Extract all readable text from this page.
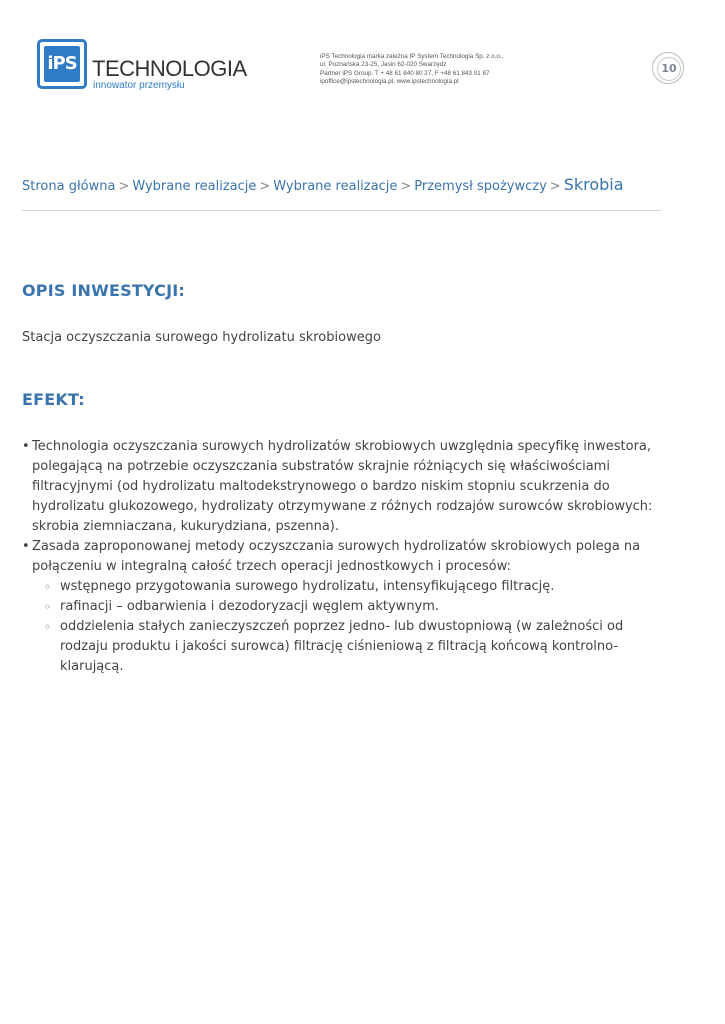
iPS TECHNOLOGIA
innowator przemysłu
iPS Technologia marka zależna IP System Technologia Sp. z o.o.,
ul. Poznańska 23-25, Jasin 62-020 Swarzędz
Partner iPS Group. T + 48 61 840 80 27, F +48 61 843 01 87
ipoffice@ipstechnologia.pl, www.ipstechnologia.pl
10
Strona główna > Wybrane realizacje > Wybrane realizacje > Przemysł spożywczy > Skrobia
OPIS INWESTYCJI:
Stacja oczyszczania surowego hydrolizatu skrobiowego
EFEKT:
• Technologia oczyszczania surowych hydrolizatów skrobiowych uwzględnia specyfikę inwestora, polegającą na potrzebie oczyszczania substratów skrajnie różniących się właściwościami filtracyjnymi (od hydrolizatu maltodekstrynowego o bardzo niskim stopniu scukrzenia do hydrolizatu glukozowego, hydrolizaty otrzymywane z różnych rodzajów surowców skrobiowych: skrobia ziemniaczana, kukurydziana, pszenna).
• Zasada zaproponowanej metody oczyszczania surowych hydrolizatów skrobiowych polega na połączeniu w integralną całość trzech operacji jednostkowych i procesów:
◦ wstępnego przygotowania surowego hydrolizatu, intensyfikującego filtrację.
◦ rafinacji – odbarwienia i dezodoryzacji węglem aktywnym.
◦ oddzielenia stałych zanieczyszczeń poprzez jedno- lub dwustopniową (w zależności od rodzaju produktu i jakości surowca) filtrację ciśnieniową z filtracją końcową kontrolno-klarującą.
